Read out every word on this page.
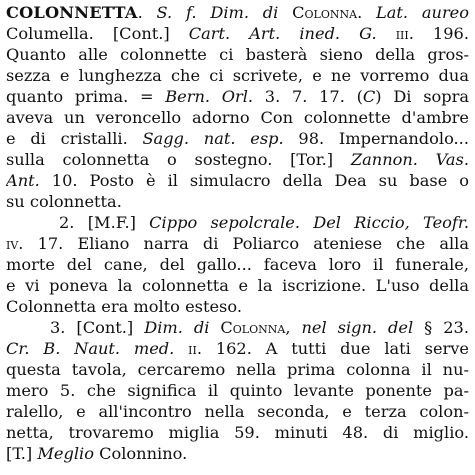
COLONNETTA. S. f. Dim. di Colonna. Lat. aureo
Columella. [Cont.] Cart. Art. ined. G. iii. 196.
Quanto alle colonnette ci basterà sieno della gros-
sezza e lunghezza che ci scrivete, e ne vorremo dua
quanto prima. = Bern. Orl. 3. 7. 17. (C) Di sopra
aveva un veroncello adorno Con colonnette d'ambre
e di cristalli. Sagg. nat. esp. 98. Impernandolo...
sulla colonnetta o sostegno. [Tor.] Zannon. Vas.
Ant. 10. Posto è il simulacro della Dea su base o
su colonnetta.
2. [M.F.] Cippo sepolcrale. Del Riccio, Teofr.
iv. 17. Eliano narra di Poliarco ateniese che alla
morte del cane, del gallo... faceva loro il funerale,
e vi poneva la colonnetta e la iscrizione. L'uso della
Colonnetta era molto esteso.
3. [Cont.] Dim. di Colonna, nel sign. del § 23.
Cr. B. Naut. med. ii. 162. A tutti due lati serve
questa tavola, cercaremo nella prima colonna il nu-
mero 5. che significa il quinto levante ponente pa-
ralello, e all'incontro nella seconda, e terza colon-
netta, trovaremo miglia 59. minuti 48. di miglio.
[T.] Meglio Colonnino.
